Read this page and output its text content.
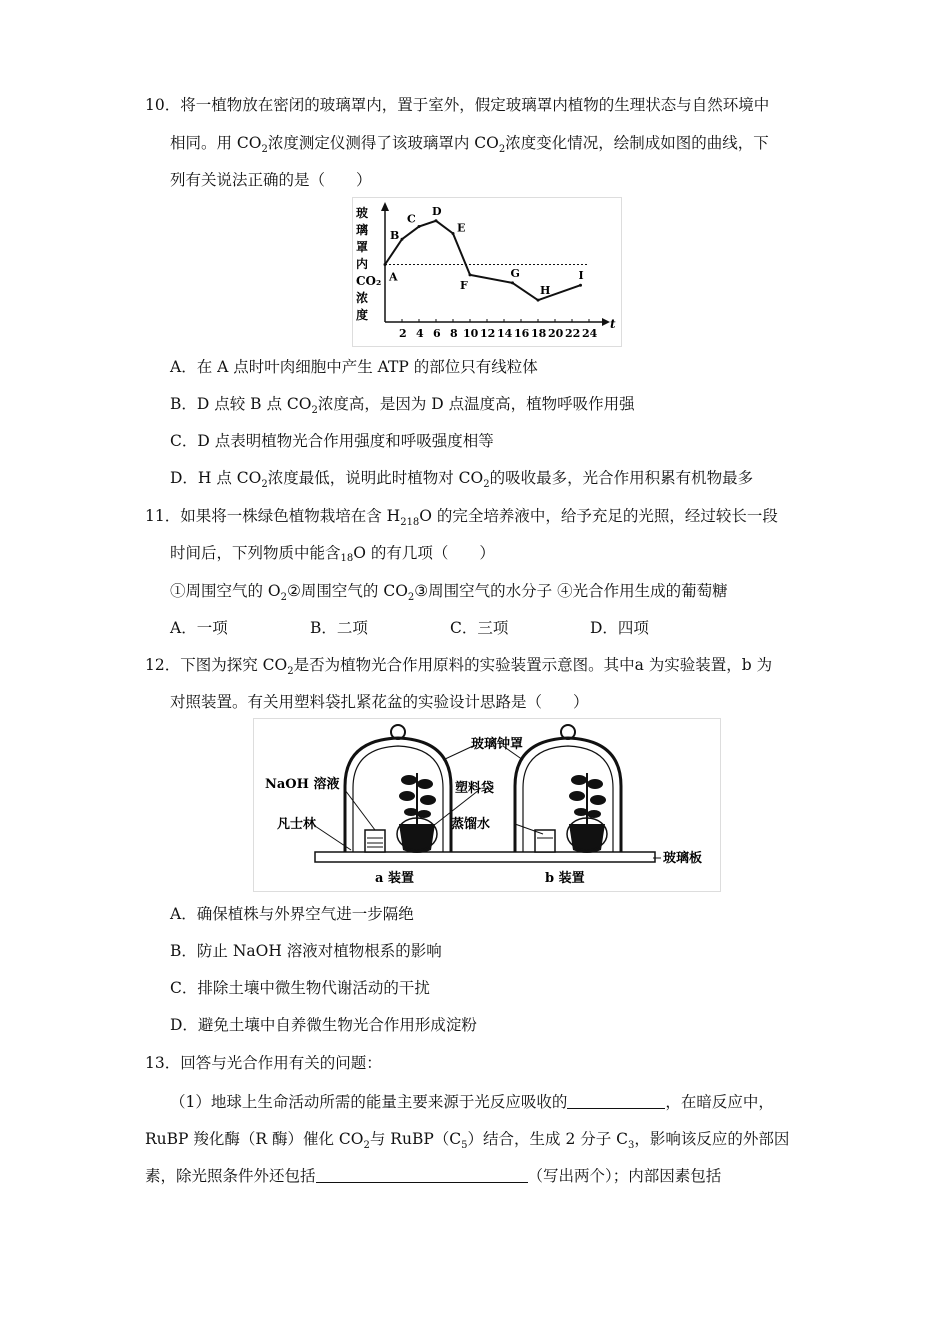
10．将一植物放在密闭的玻璃罩内，置于室外，假定玻璃罩内植物的生理状态与自然环境中
相同。用 $CO_2$浓度测定仪测得了该玻璃罩内 $CO_2$浓度变化情况，绘制成如图的曲线，下
列有关说法正确的是（　　）
玻
璃
罩
内
CO₂
浓
度
2 4 6 8 10 12 14 16 18 20 22 24
t
A
B
C
D
E
F
G
H
I
A．在 A 点时叶肉细胞中产生 ATP 的部位只有线粒体
B．D 点较 B 点 $CO_2$浓度高，是因为 D 点温度高，植物呼吸作用强
C．D 点表明植物光合作用强度和呼吸强度相等
D．H 点 $CO_2$浓度最低，说明此时植物对 $CO_2$的吸收最多，光合作用积累有机物最多
11．如果将一株绿色植物栽培在含 $H_{218}O$ 的完全培养液中，给予充足的光照，经过较长一段
时间后，下列物质中能含18O 的有几项（　　）
①周围空气的 $O_2②$周围空气的 $CO_2③$周围空气的水分子 ④光合作用生成的葡萄糖
A．一项	B．二项	C．三项	D．四项
12．下图为探究 $CO_2$是否为植物光合作用原料的实验装置示意图。其中a 为实验装置，b 为
对照装置。有关用塑料袋扎紧花盆的实验设计思路是（　　）
玻璃钟罩
NaOH 溶液
凡士林
塑料袋
蒸馏水
玻璃板
a 装置	b 装置
A．确保植株与外界空气进一步隔绝
B．防止 NaOH 溶液对植物根系的影响
C．排除土壤中微生物代谢活动的干扰
D．避免土壤中自养微生物光合作用形成淀粉
13．回答与光合作用有关的问题：
（1）地球上生命活动所需的能量主要来源于光反应吸收的	，在暗反应中，
RuBP 羧化酶（R 酶）催化 $CO_2$与 $RuBP(C_5)$结合，生成 2 分子 $C_3$，影响该反应的外部因
素，除光照条件外还包括	（写出两个）；内部因素包括
